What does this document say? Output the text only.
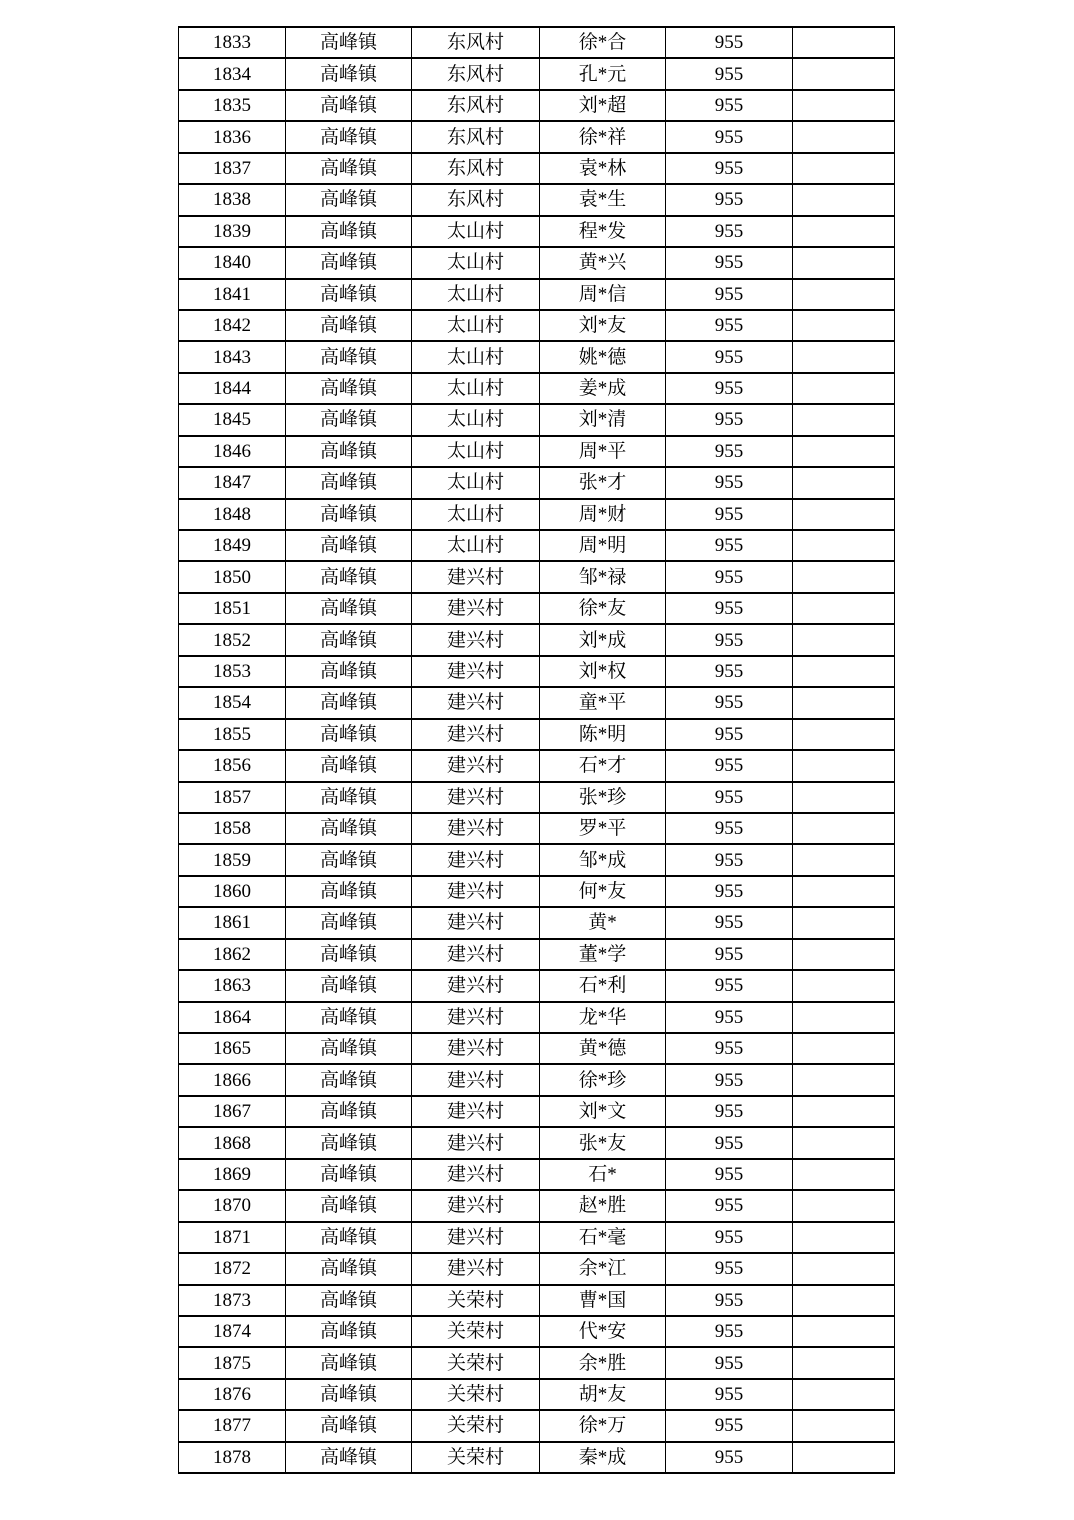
1833	高峰镇	东风村	徐*合	955	
1834	高峰镇	东风村	孔*元	955	
1835	高峰镇	东风村	刘*超	955	
1836	高峰镇	东风村	徐*祥	955	
1837	高峰镇	东风村	袁*林	955	
1838	高峰镇	东风村	袁*生	955	
1839	高峰镇	太山村	程*发	955	
1840	高峰镇	太山村	黄*兴	955	
1841	高峰镇	太山村	周*信	955	
1842	高峰镇	太山村	刘*友	955	
1843	高峰镇	太山村	姚*德	955	
1844	高峰镇	太山村	姜*成	955	
1845	高峰镇	太山村	刘*清	955	
1846	高峰镇	太山村	周*平	955	
1847	高峰镇	太山村	张*才	955	
1848	高峰镇	太山村	周*财	955	
1849	高峰镇	太山村	周*明	955	
1850	高峰镇	建兴村	邹*禄	955	
1851	高峰镇	建兴村	徐*友	955	
1852	高峰镇	建兴村	刘*成	955	
1853	高峰镇	建兴村	刘*权	955	
1854	高峰镇	建兴村	童*平	955	
1855	高峰镇	建兴村	陈*明	955	
1856	高峰镇	建兴村	石*才	955	
1857	高峰镇	建兴村	张*珍	955	
1858	高峰镇	建兴村	罗*平	955	
1859	高峰镇	建兴村	邹*成	955	
1860	高峰镇	建兴村	何*友	955	
1861	高峰镇	建兴村	黄*	955	
1862	高峰镇	建兴村	董*学	955	
1863	高峰镇	建兴村	石*利	955	
1864	高峰镇	建兴村	龙*华	955	
1865	高峰镇	建兴村	黄*德	955	
1866	高峰镇	建兴村	徐*珍	955	
1867	高峰镇	建兴村	刘*文	955	
1868	高峰镇	建兴村	张*友	955	
1869	高峰镇	建兴村	石*	955	
1870	高峰镇	建兴村	赵*胜	955	
1871	高峰镇	建兴村	石*毫	955	
1872	高峰镇	建兴村	余*江	955	
1873	高峰镇	关荣村	曹*国	955	
1874	高峰镇	关荣村	代*安	955	
1875	高峰镇	关荣村	余*胜	955	
1876	高峰镇	关荣村	胡*友	955	
1877	高峰镇	关荣村	徐*万	955	
1878	高峰镇	关荣村	秦*成	955	
